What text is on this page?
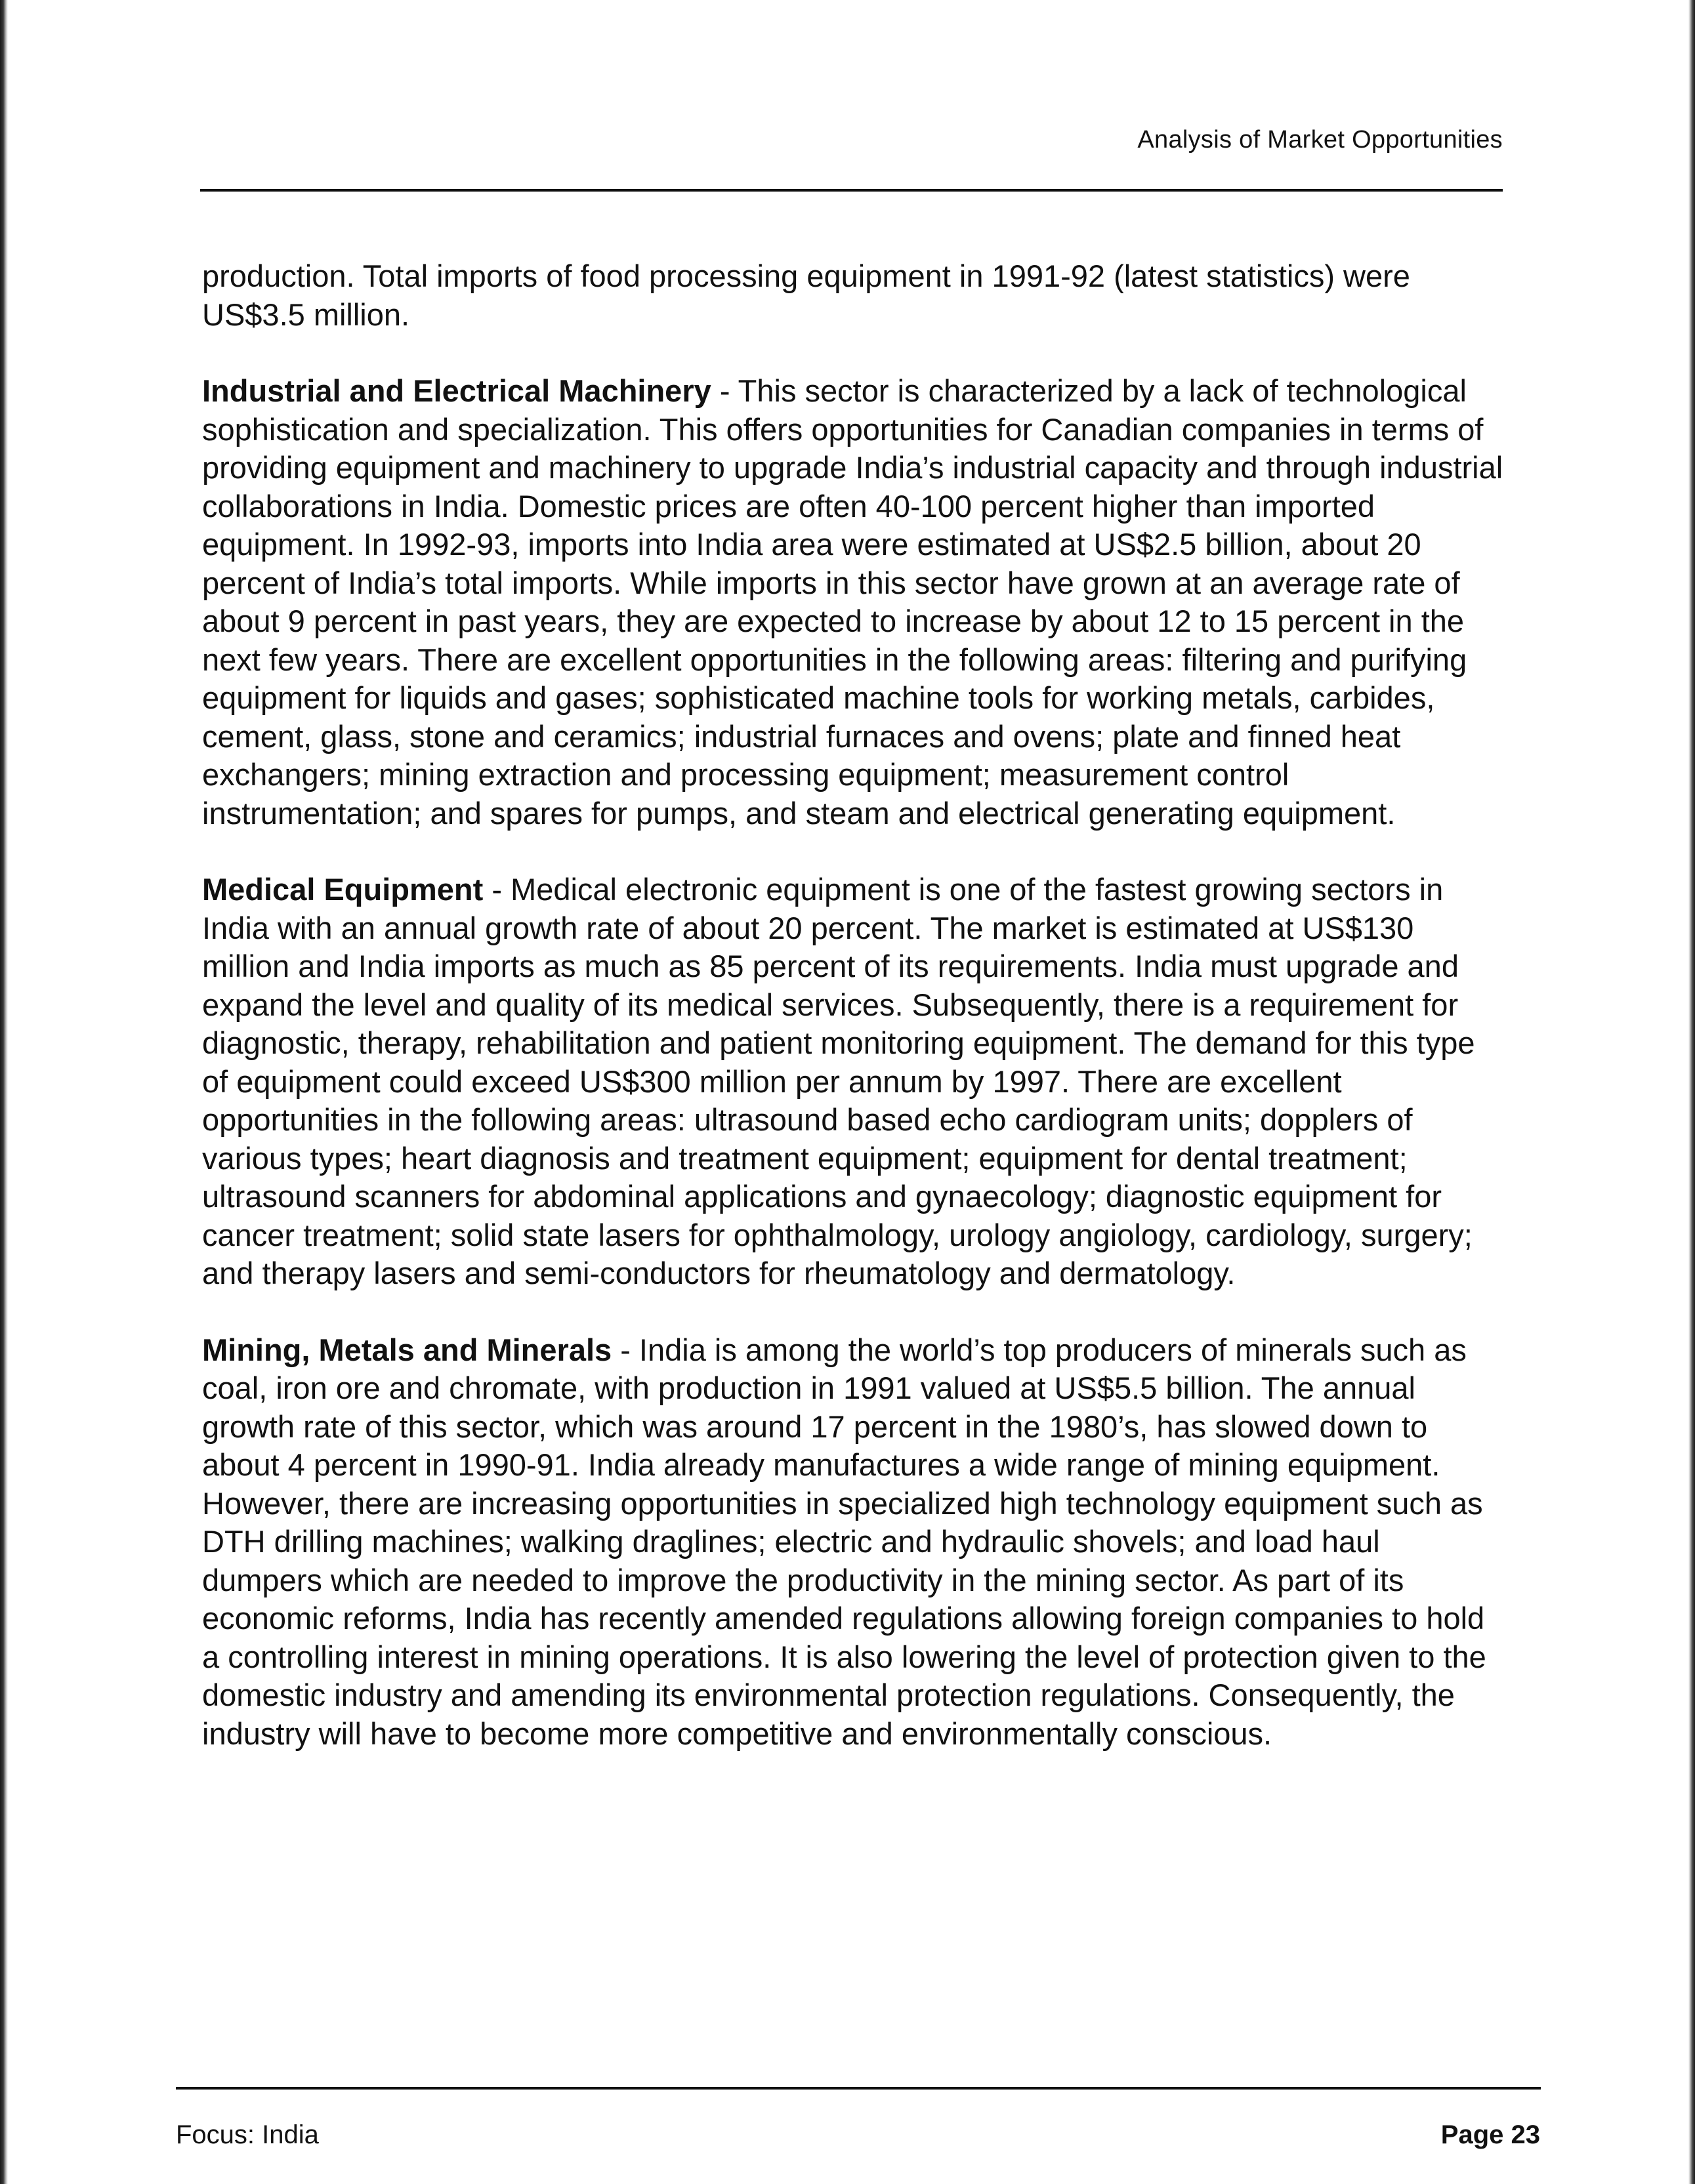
Analysis of Market Opportunities

production. Total imports of food processing equipment in 1991-92 (latest statistics) were US$3.5 million.

Industrial and Electrical Machinery - This sector is characterized by a lack of technological sophistication and specialization. This offers opportunities for Canadian companies in terms of providing equipment and machinery to upgrade India’s industrial capacity and through industrial collaborations in India. Domestic prices are often 40-100 percent higher than imported equipment. In 1992-93, imports into India area were estimated at US$2.5 billion, about 20 percent of India’s total imports. While imports in this sector have grown at an average rate of about 9 percent in past years, they are expected to increase by about 12 to 15 percent in the next few years. There are excellent opportunities in the following areas: filtering and purifying equipment for liquids and gases; sophisticated machine tools for working metals, carbides, cement, glass, stone and ceramics; industrial furnaces and ovens; plate and finned heat exchangers; mining extraction and processing equipment; measurement control instrumentation; and spares for pumps, and steam and electrical generating equipment.

Medical Equipment - Medical electronic equipment is one of the fastest growing sectors in India with an annual growth rate of about 20 percent. The market is estimated at US$130 million and India imports as much as 85 percent of its requirements. India must upgrade and expand the level and quality of its medical services. Subsequently, there is a requirement for diagnostic, therapy, rehabilitation and patient monitoring equipment. The demand for this type of equipment could exceed US$300 million per annum by 1997. There are excellent opportunities in the following areas: ultrasound based echo cardiogram units; dopplers of various types; heart diagnosis and treatment equipment; equipment for dental treatment; ultrasound scanners for abdominal applications and gynaecology; diagnostic equipment for cancer treatment; solid state lasers for ophthalmology, urology angiology, cardiology, surgery; and therapy lasers and semi-conductors for rheumatology and dermatology.

Mining, Metals and Minerals - India is among the world’s top producers of minerals such as coal, iron ore and chromate, with production in 1991 valued at US$5.5 billion. The annual growth rate of this sector, which was around 17 percent in the 1980’s, has slowed down to about 4 percent in 1990-91. India already manufactures a wide range of mining equipment. However, there are increasing opportunities in specialized high technology equipment such as DTH drilling machines; walking draglines; electric and hydraulic shovels; and load haul dumpers which are needed to improve the productivity in the mining sector. As part of its economic reforms, India has recently amended regulations allowing foreign companies to hold a controlling interest in mining operations. It is also lowering the level of protection given to the domestic industry and amending its environmental protection regulations. Consequently, the industry will have to become more competitive and environmentally conscious.

Focus: India	Page 23
